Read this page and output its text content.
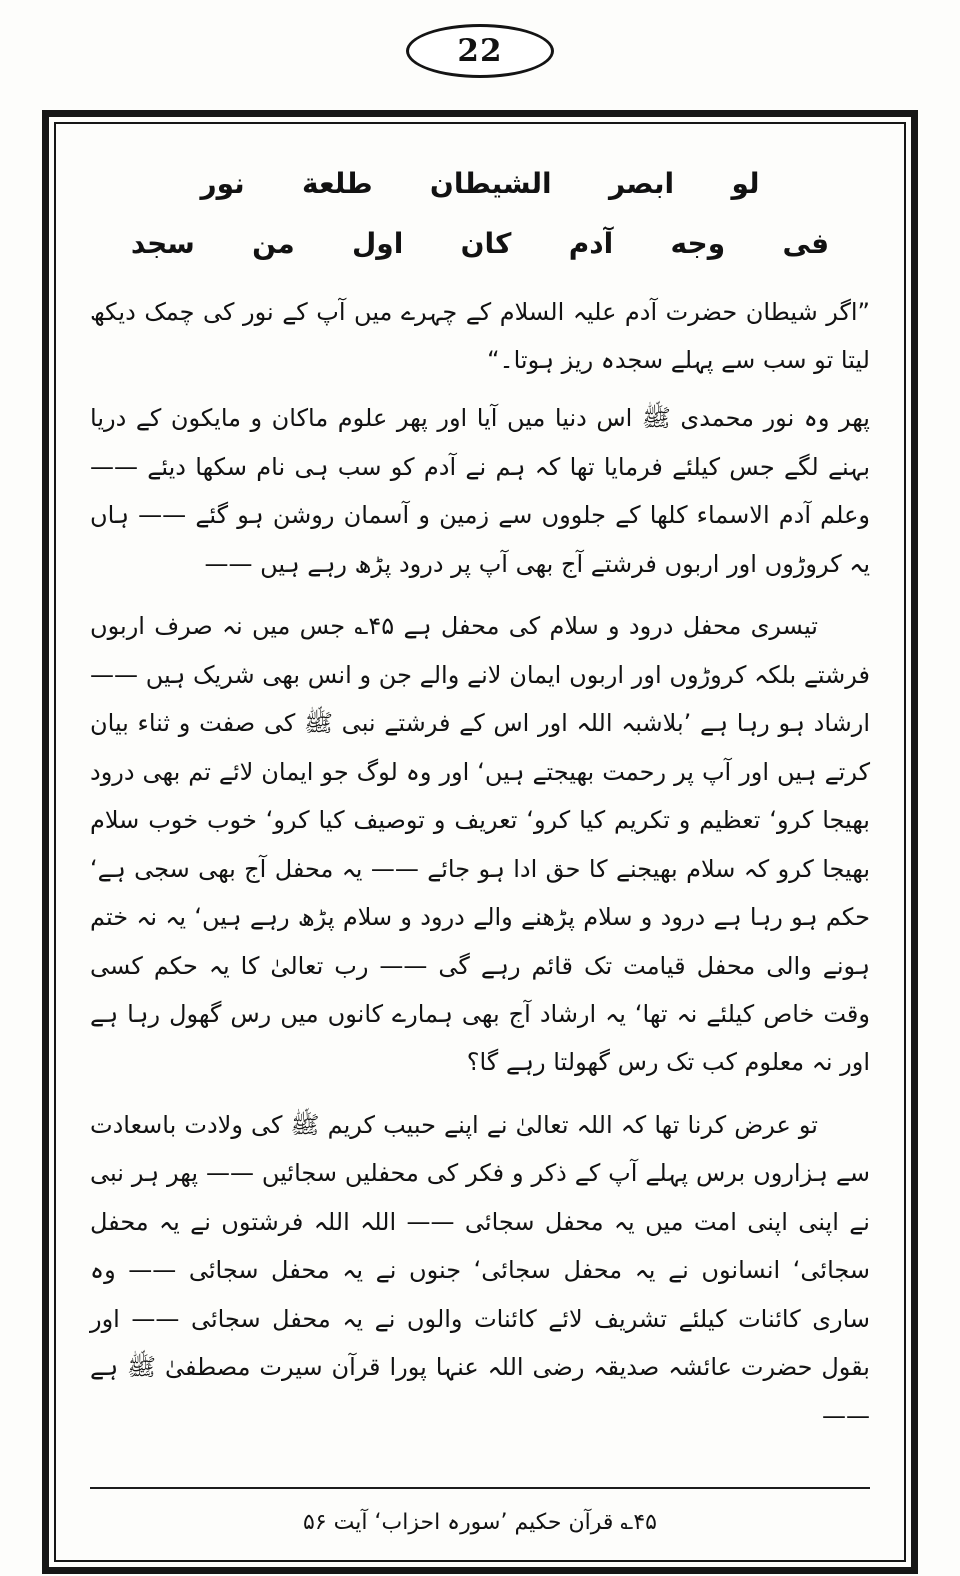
22
لو ابصر الشیطان طلعة نور
فی وجه آدم کان اول من سجد

”اگر شیطان حضرت آدم علیہ السلام کے چہرے میں آپ کے نور کی چمک دیکھ لیتا تو سب سے پہلے سجدہ ریز ہوتا۔“

پھر وہ نور محمدی ﷺ اس دنیا میں آیا اور پھر علوم ماکان و مایکون کے دریا بہنے لگے جس کیلئے فرمایا تھا کہ ہم نے آدم کو سب ہی نام سکھا دیئے —— وعلم آدم الاسماء کلھا کے جلووں سے زمین و آسمان روشن ہو گئے —— ہاں یہ کروڑوں اور اربوں فرشتے آج بھی آپ پر درود پڑھ رہے ہیں ——

تیسری محفل درود و سلام کی محفل ہے ۴۵؎ جس میں نہ صرف اربوں فرشتے بلکہ کروڑوں اور اربوں ایمان لانے والے جن و انس بھی شریک ہیں —— ارشاد ہو رہا ہے ’بلاشبہ اللہ اور اس کے فرشتے نبی ﷺ کی صفت و ثناء بیان کرتے ہیں اور آپ پر رحمت بھیجتے ہیں‘ اور وہ لوگ جو ایمان لائے تم بھی درود بھیجا کرو‘ تعظیم و تکریم کیا کرو‘ تعریف و توصیف کیا کرو‘ خوب خوب سلام بھیجا کرو کہ سلام بھیجنے کا حق ادا ہو جائے —— یہ محفل آج بھی سجی ہے‘ حکم ہو رہا ہے درود و سلام پڑھنے والے درود و سلام پڑھ رہے ہیں‘ یہ نہ ختم ہونے والی محفل قیامت تک قائم رہے گی —— رب تعالیٰ کا یہ حکم کسی وقت خاص کیلئے نہ تھا‘ یہ ارشاد آج بھی ہمارے کانوں میں رس گھول رہا ہے اور نہ معلوم کب تک رس گھولتا رہے گا؟

تو عرض کرنا تھا کہ اللہ تعالیٰ نے اپنے حبیب کریم ﷺ کی ولادت باسعادت سے ہزاروں برس پہلے آپ کے ذکر و فکر کی محفلیں سجائیں —— پھر ہر نبی نے اپنی اپنی امت میں یہ محفل سجائی —— اللہ اللہ فرشتوں نے یہ محفل سجائی‘ انسانوں نے یہ محفل سجائی‘ جنوں نے یہ محفل سجائی —— وہ ساری کائنات کیلئے تشریف لائے کائنات والوں نے یہ محفل سجائی —— اور بقول حضرت عائشہ صدیقہ رضی اللہ عنہا پورا قرآن سیرت مصطفیٰ ﷺ ہے ——

۴۵؎ قرآن حکیم ’سورہ احزاب‘ آیت ۵۶
